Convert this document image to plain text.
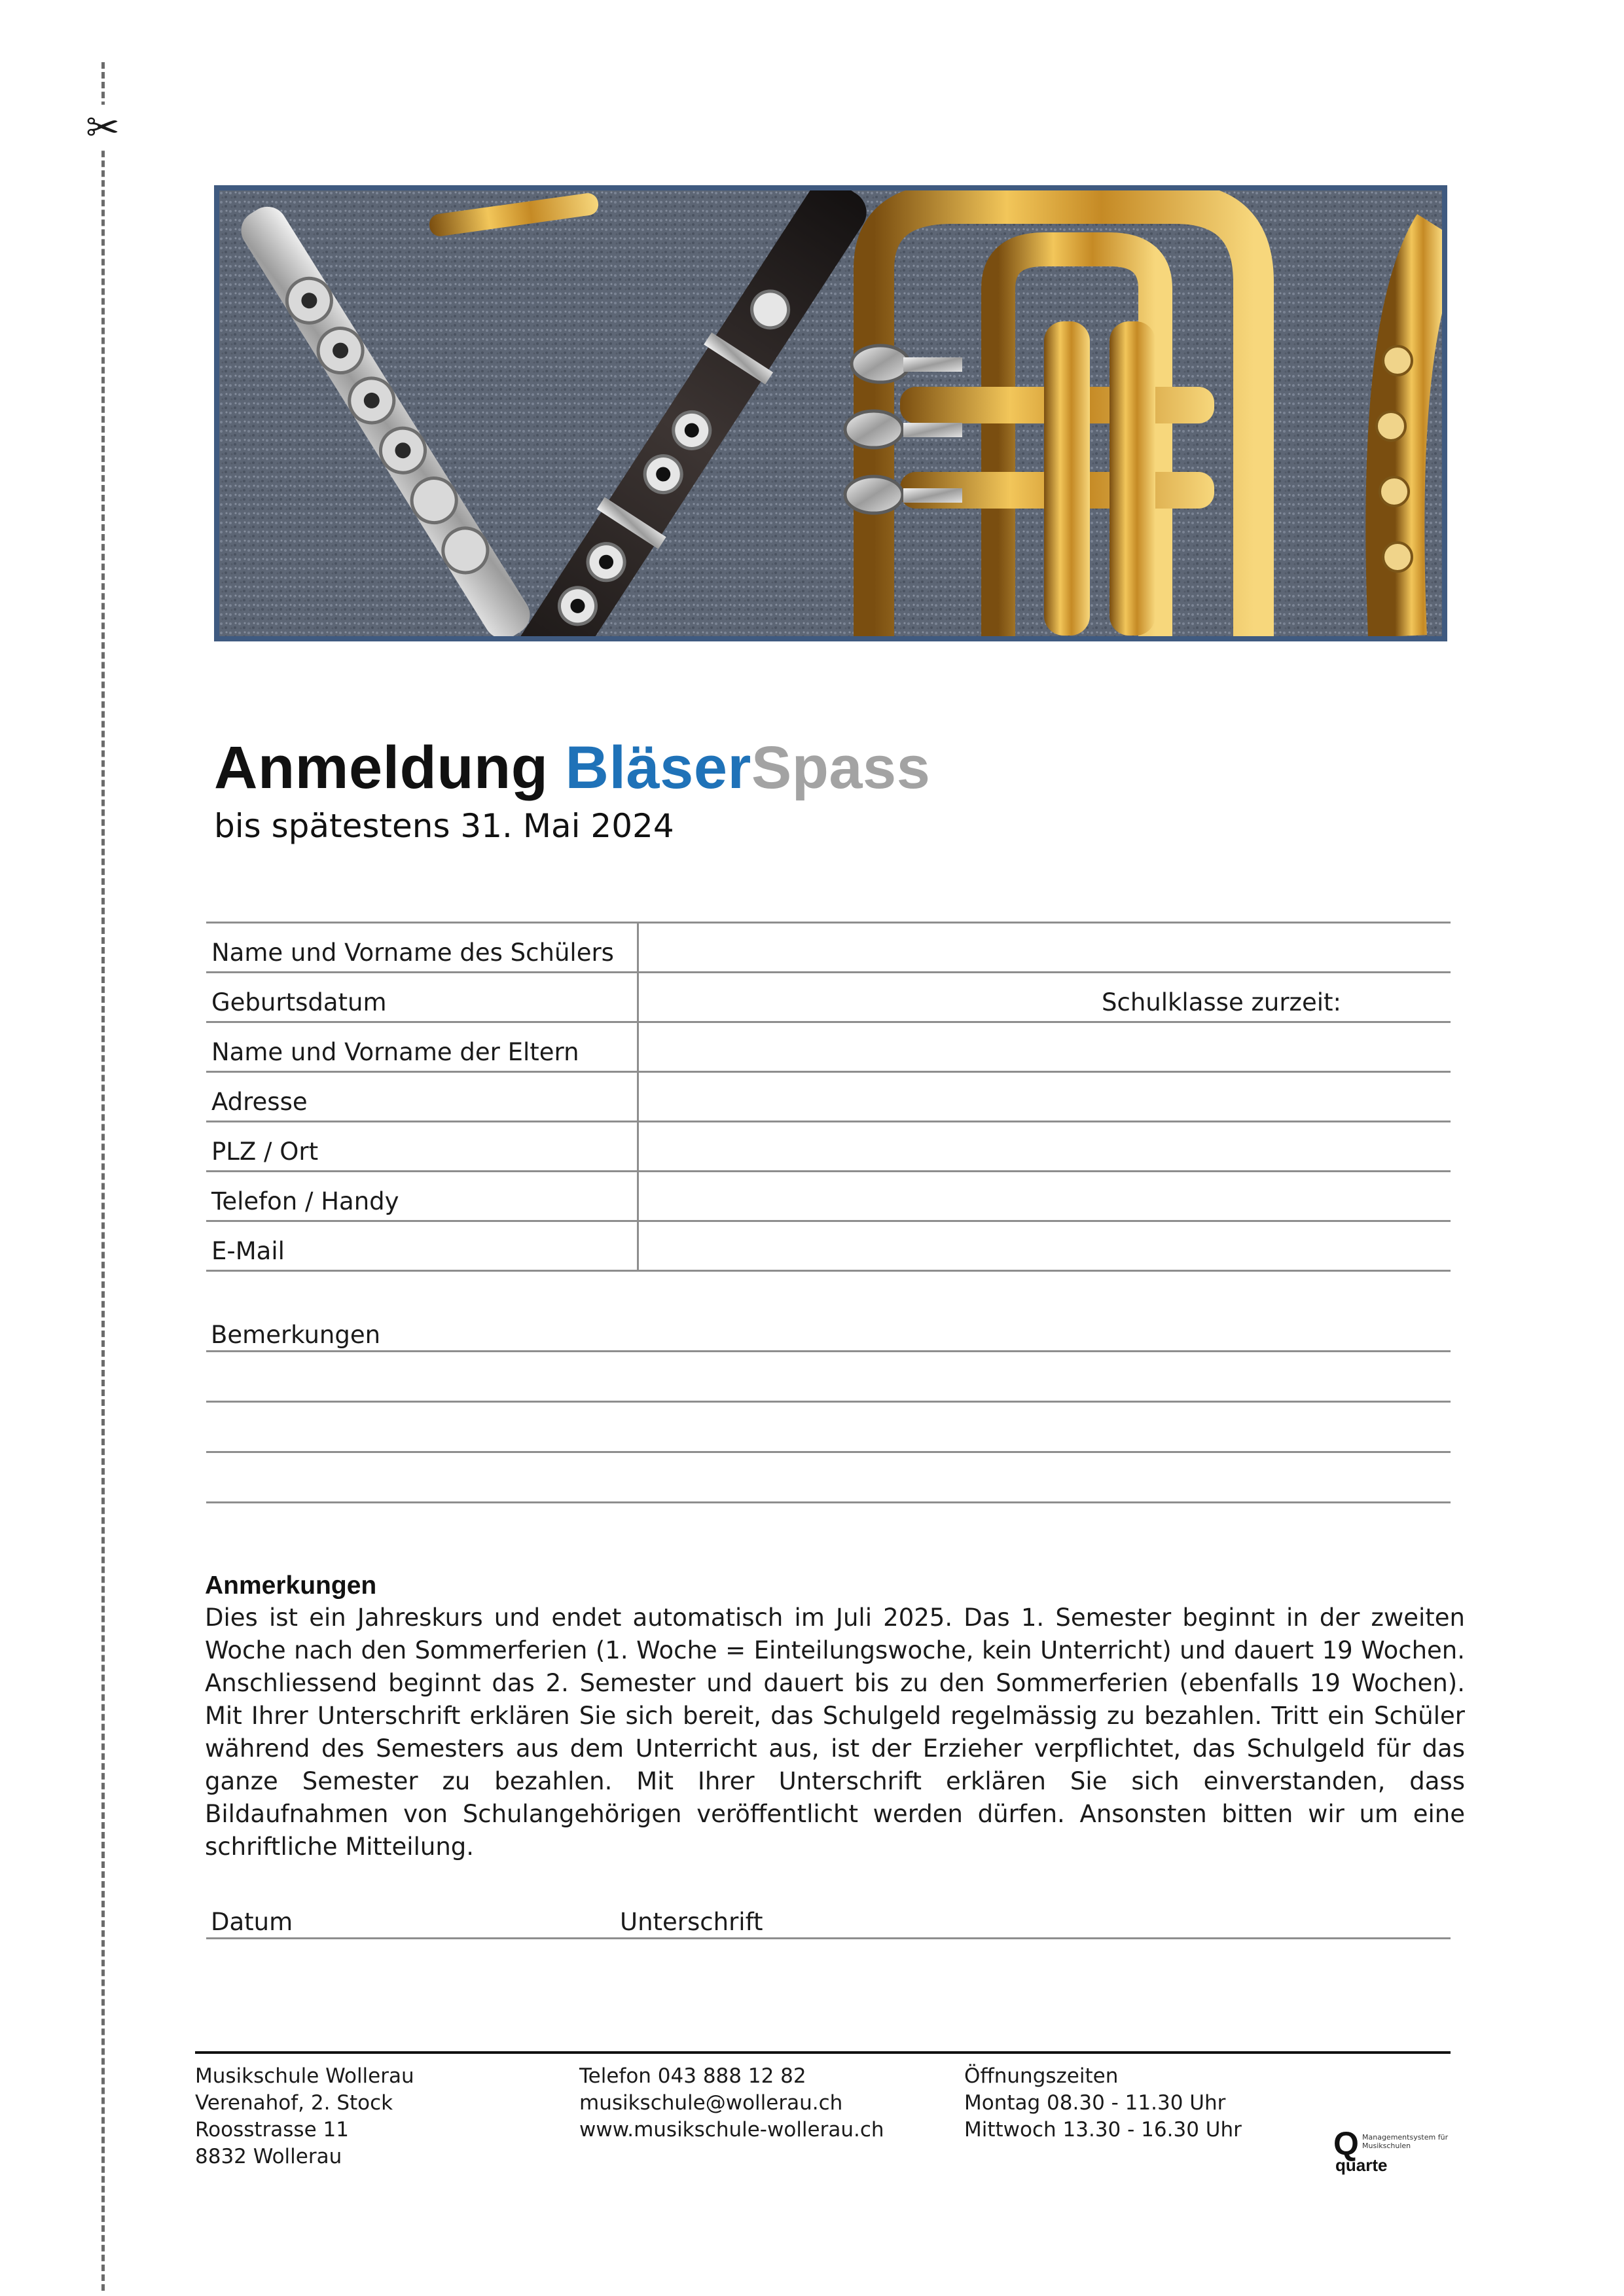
✂
Anmeldung BläserSpass

bis spätestens 31. Mai 2024

Name und Vorname des Schülers	
Geburtsdatum	Schulklasse zurzeit:

Name und Vorname der Eltern	
Adresse	
PLZ / Ort	
Telefon / Handy	
E-Mail	
Bemerkungen
Anmerkungen

Dies ist ein Jahreskurs und endet automatisch im Juli 2025. Das 1. Semester beginnt in der zweiten Woche nach den Sommerferien (1. Woche = Einteilungswoche, kein Unterricht) und dauert 19 Wochen. Anschliessend beginnt das 2. Semester und dauert bis zu den Sommerferien (ebenfalls 19 Wochen). Mit Ihrer Unterschrift erklären Sie sich bereit, das Schulgeld regelmässig zu bezahlen. Tritt ein Schüler während des Semesters aus dem Unterricht aus, ist der Erzieher verpflichtet, das Schulgeld für das ganze Semester zu bezahlen. Mit Ihrer Unterschrift erklären Sie sich einverstanden, dass Bildaufnahmen von Schulangehörigen veröffentlicht werden dürfen. Ansonsten bitten wir um eine schriftliche Mitteilung.

Datum	Unterschrift
Musikschule Wollerau
Verenahof, 2. Stock
Roosstrasse 11
8832 Wollerau
Telefon 043 888 12 82
musikschule@wollerau.ch
www.musikschule-wollerau.ch
Öffnungszeiten
Montag 08.30 - 11.30 Uhr
Mittwoch 13.30 - 16.30 Uhr	Q Managementsystem für Musikschulen
quarte
